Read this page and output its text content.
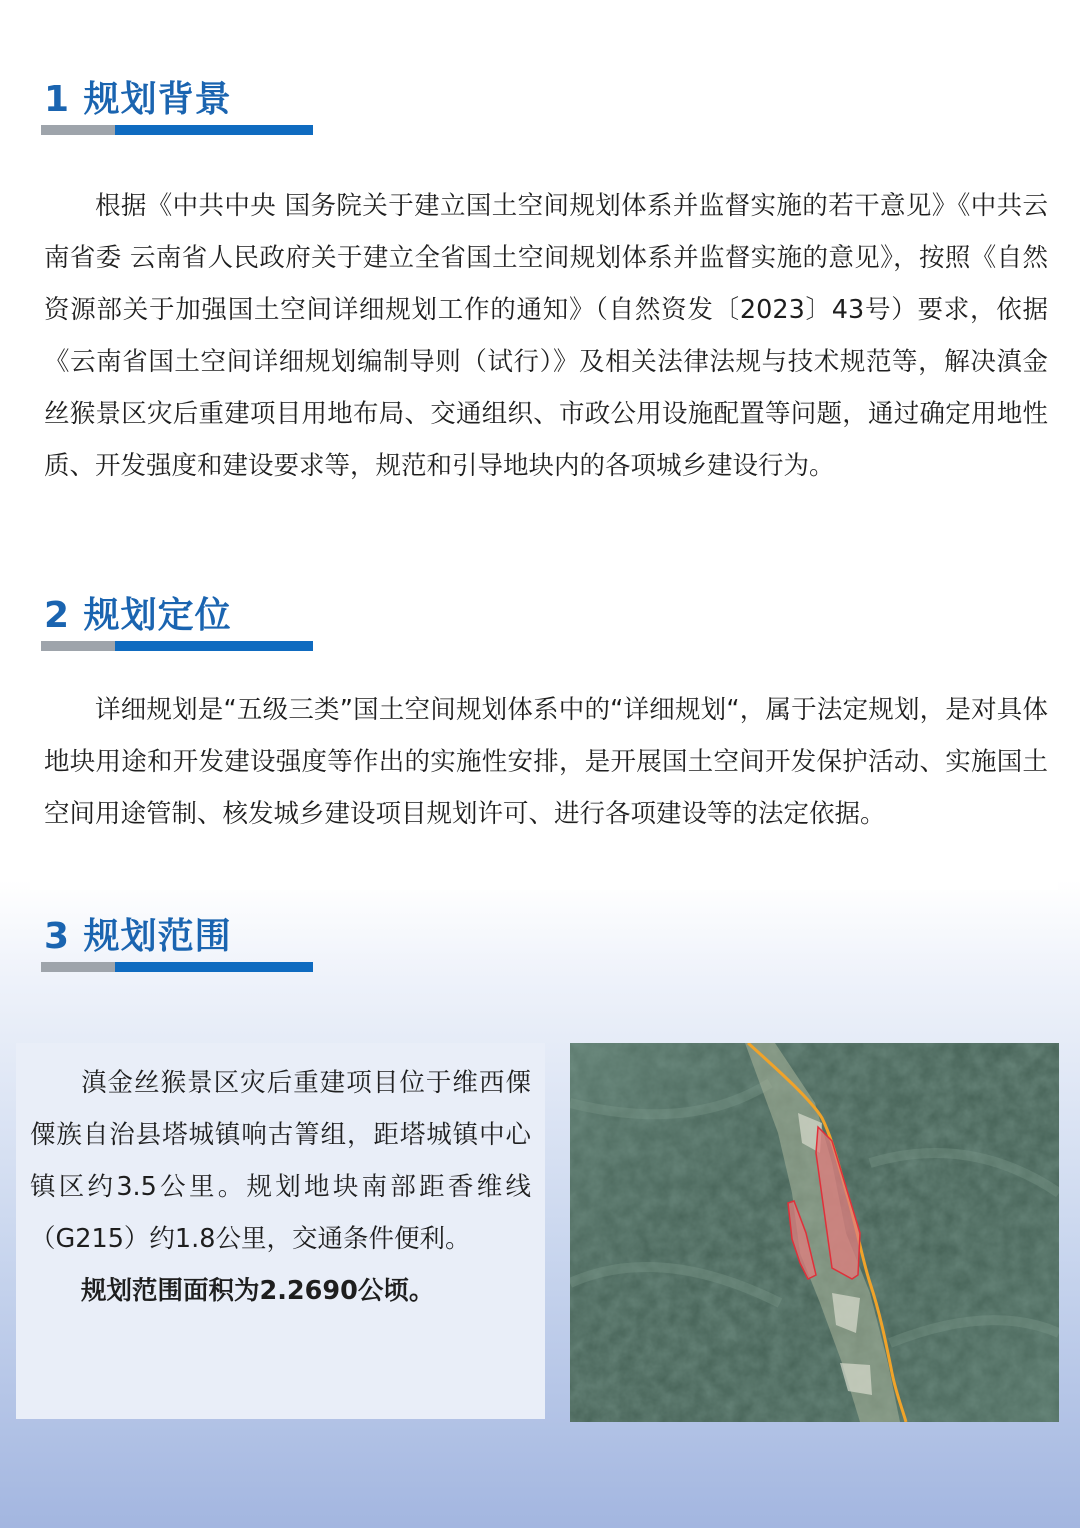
1 规划背景

根据《中共中央 国务院关于建立国土空间规划体系并监督实施的若干意见》《中共云南省委 云南省人民政府关于建立全省国土空间规划体系并监督实施的意见》，按照《自然资源部关于加强国土空间详细规划工作的通知》（自然资发〔2023〕43号）要求，依据《云南省国土空间详细规划编制导则（试行）》及相关法律法规与技术规范等，解决滇金丝猴景区灾后重建项目用地布局、交通组织、市政公用设施配置等问题，通过确定用地性质、开发强度和建设要求等，规范和引导地块内的各项城乡建设行为。

2 规划定位

详细规划是“五级三类”国土空间规划体系中的“详细规划“，属于法定规划，是对具体地块用途和开发建设强度等作出的实施性安排，是开展国土空间开发保护活动、实施国土空间用途管制、核发城乡建设项目规划许可、进行各项建设等的法定依据。

3 规划范围

滇金丝猴景区灾后重建项目位于维西傈僳族自治县塔城镇响古箐组，距塔城镇中心镇区约3.5公里。规划地块南部距香维线（G215）约1.8公里，交通条件便利。

规划范围面积为2.2690公顷。
